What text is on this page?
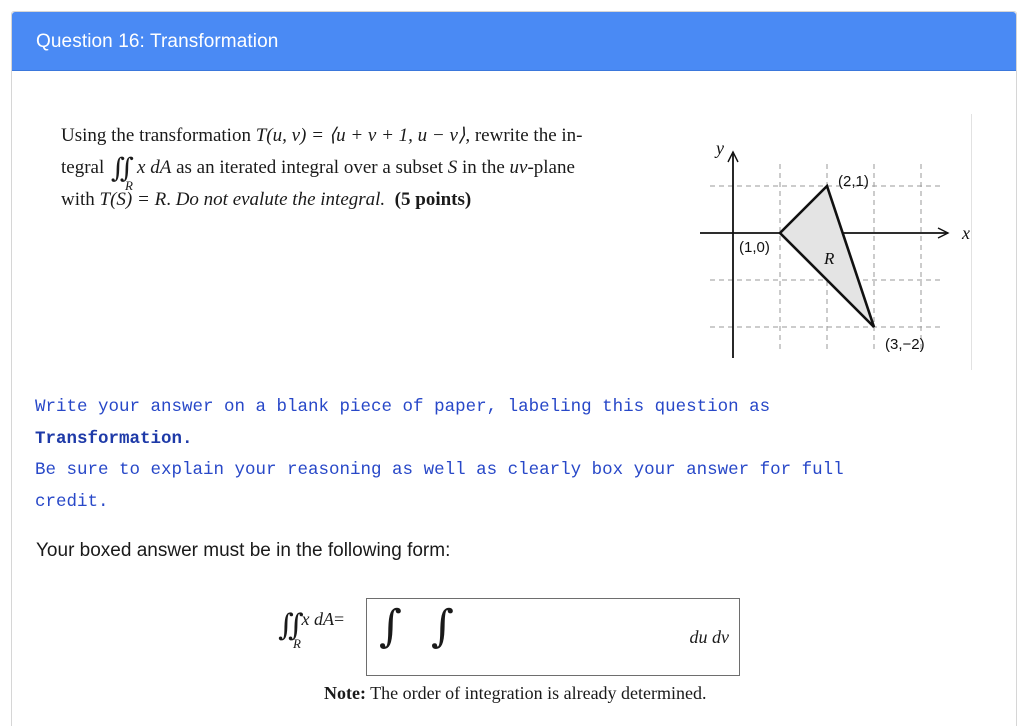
Question 16: Transformation
Using the transformation T(u, v) = ⟨u + v + 1, u − v⟩, rewrite the in-
tegral ∬
R
x dA as an iterated integral over a subset S in the uv-plane
with T(S) = R. Do not evalute the integral. (5 points)
x
y
R
(1,0)
(2,1)
(3,−2)
Write your answer on a blank piece of paper, labeling this question as
Transformation.
Be sure to explain your reasoning as well as clearly box your answer for full
credit.
Your boxed answer must be in the following form:
∬
R
x dA= ∫ ∫	du dv
Note: The order of integration is already determined.
